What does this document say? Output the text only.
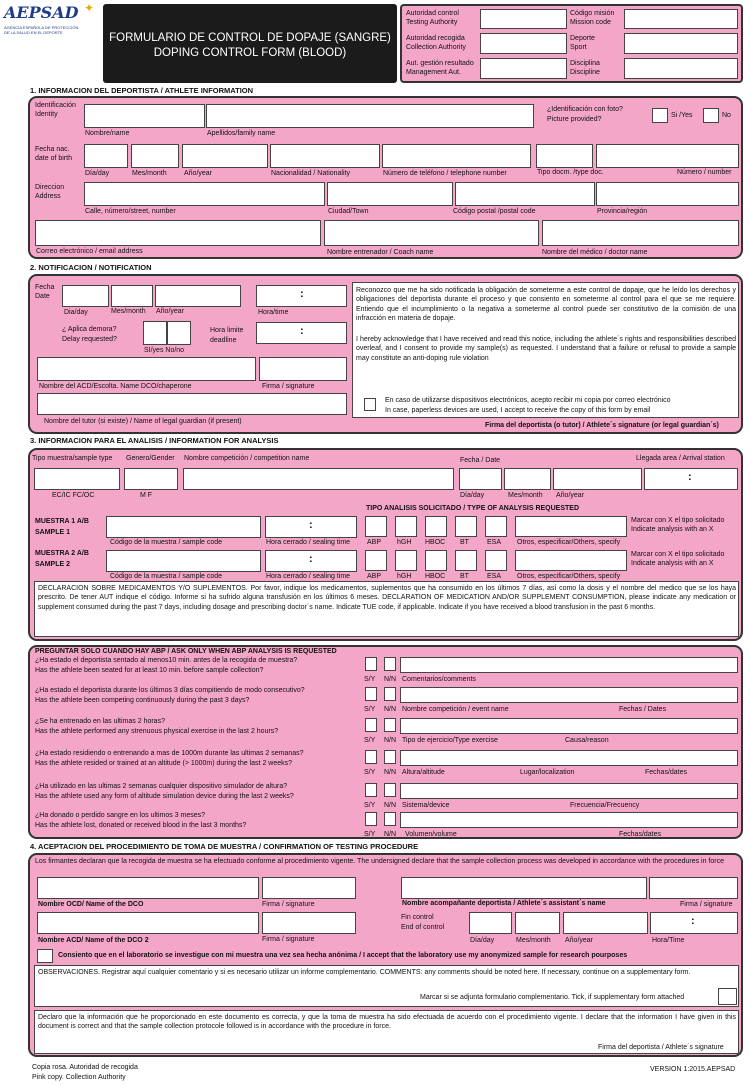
AEPSAD ✦
AGENCIA ESPAÑOLA DE PROTECCIÓN
DE LA SALUD EN EL DEPORTE	FORMULARIO DE CONTROL DE DOPAJE (SANGRE)
DOPING CONTROL FORM (BLOOD)
Autoridad control
Testing Authority
Autoridad recogida
Collection Authority
Aut. gestión resultado
Management Aut.
Código misión
Mission code
Deporte
Sport
Disciplina
Discipline
1. INFORMACION DEL DEPORTISTA / ATHLETE INFORMATION
Identificación
Identity
Nombre/name	Apellidos/family name
¿Identificación con foto?
Picture provided?
Si /Yes	No
Fecha nac.
date of birth
Día/day	Mes/month Año/year	Nacionalidad / Nationality	Número de teléfono / telephone number	Tipo docm. /type doc.	Número / number
Direccion
Address
Calle, número/street, number	Ciudad/Town	Código postal /postal code	Provincia/región
Correo electrónico / email address	Nombre entrenador / Coach name	Nombre del médico / doctor name
2. NOTIFICACION / NOTIFICATION
Fecha
Date	:
Dia/day	Mes/month Año/year	Hora/time
¿ Aplica demora?
Delay requested?
SI/yes No/no
Hora limite
deadline
:
Nombre del ACD/Escolta. Name DCO/chaperone	Firma / signature
Nombre del tutor (si existe) / Name of legal guardian (if present)
Reconozco que me ha sido notificada la obligación de someterme a este control de dopaje, que he leído los derechos y obligaciones del deportista durante el proceso y que consiento en someterme al control para el que se me requiere. Entiendo que el incumplimiento o la negativa a someterme al control puede ser constitutivo de la comisión de una infracción en materia de dopaje.
I hereby acknowledge that I have received and read this notice, including the athlete´s rights and responsibilities described overleaf, and I consent to provide my sample(s) as requested. I understand that a failure or refusal to provide a sample may constitute an anti-doping rule violation
En caso de utilizarse dispositivos electrónicos, acepto recibir mi copia por correo electrónico
In case, paperless devices are used, I accept to receive the copy of this form by email
Firma del deportista (o tutor) / Athlete´s signature (or legal guardian´s)
3. INFORMACION PARA EL ANALISIS / INFORMATION FOR ANALYSIS
Tipo muestra/sample type Genero/Gender Nombre competición / competition name	Fecha / Date	Llegada area / Arrival station
:
EC/IC FC/OC	M F	Día/day	Mes/month Año/year
TIPO ANALISIS SOLICITADO / TYPE OF ANALYSIS REQUESTED
MUESTRA 1 A/B
SAMPLE 1
:
Código de la muestra / sample code	Hora cerrado / sealing time ABP hGH HBOC BT	ESA Otros, especificar/Others, specify
Marcar con X el tipo solicitado
Indicate analysis with an X
MUESTRA 2 A/B
SAMPLE 2	:
Código de la muestra / sample code	Hora cerrado / sealing time ABP hGH HBOC BT	ESA Otros, especificar/Others, specify
Marcar con X el tipo solicitado
Indicate analysis with an X
DECLARACION SOBRE MEDICAMENTOS Y/O SUPLEMENTOS. Por favor, indique los medicamentos, suplementos que ha consumido en los últimos 7 días, así como la dosis y el nombre del medico que se los haya prescrito. De tener AUT indique el código. Informe si ha sufrido alguna transfusión en los últimos 6 meses. DECLARATION OF MEDICATION AND/OR SUPPLEMENT CONSUMPTION, please indicate any medication or supplement consumed during the past 7 days, including dosage and prescribing doctor´s name. Indicate TUE code, if applicable. Indicate if you have received a blood transfusion in the past 6 months.
PREGUNTAR SOLO CUANDO HAY ABP / ASK ONLY WHEN ABP ANALYSIS IS REQUESTED
¿Ha estado el deportista sentado al menos10 min. antes de la recogida de muestra?
Has the athlete been seated for at least 10 min. before sample collection?
S/Y N/N Comentarios/comments
¿Ha estado el deportista durante los últimos 3 días compitiendo de modo consecutivo?
Has the athlete been competing continuously during the past 3 days?
S/Y N/N Nombre competición / event name	Fechas / Dates
¿Se ha entrenado en las ultimas 2 horas?
Has the athlete performed any strenuous physical exercise in the last 2 hours?
S/Y N/N Tipo de ejercicio/Type exercise	Causa/reason
¿Ha estado residiendo o entrenando a mas de 1000m durante las ultimas 2 semanas?
Has the athlete resided or trained at an altitude (> 1000m) during the last 2 weeks?
S/Y N/N Altura/altitude	Lugar/localization	Fechas/dates
¿Ha utilizado en las ultimas 2 semanas cualquier dispositivo simulador de altura?
Has the athlete used any form of altitude simulation device during the last 2 weeks?
S/Y N/N Sistema/device	Frecuencia/Frecuency
¿Ha donado o perdido sangre en los ultimos 3 meses?
Has the athlete lost, donated or received blood in the last 3 months?
S/Y N/N Volumen/volume	Fechas/dates
4. ACEPTACION DEL PROCEDIMIENTO DE TOMA DE MUESTRA / CONFIRMATION OF TESTING PROCEDURE
Los firmantes declaran que la recogida de muestra se ha efectuado conforme al procedimiento vigente. The undersigned declare that the sample collection process was developed in accordance with the procedures in force
Nombre OCD/ Name of the DCO	Firma / signature	Nombre acompañante deportista / Athlete´s assistant´s name	Firma / signature
Nombre ACD/ Name of the DCO 2	Firma / signature
Fin control
End of control
:
Día/day	Mes/month Año/year	Hora/Time
Consiento que en el laboratorio se investigue con mi muestra una vez sea hecha anónima / I accept that the laboratory use my anonymized sample for research pourposes
OBSERVACIONES. Registrar aquí cualquier comentario y si es necesario utilizar un informe complementario. COMMENTS: any comments should be noted here. If necessary, continue on a supplementary form.
Marcar si se adjunta formulario complementario. Tick, if supplementary form attached
Declaro que la información que he proporcionado en este documento es correcta, y que la toma de muestra ha sido efectuada de acuerdo con el procedimiento vigente. I declare that the information I have given in this document is correct and that the sample collection protocole followed is in accordance with the procedure in force.
Firma del deportista / Athlete´s signature
Copia rosa. Autoridad de recogida
Pink copy. Collection Authority
VERSION 1:2015.AEPSAD
